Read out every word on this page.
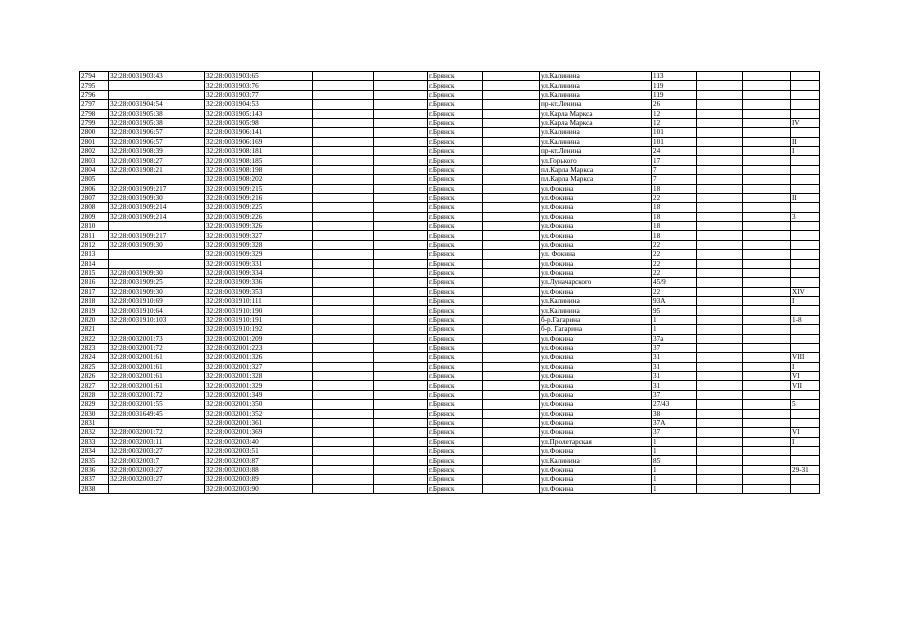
2794	32:28:0031903:43	32:28:0031903:65			г.Брянск		ул.Калинина	113			
2795		32:28:0031903:76			г.Брянск		ул.Калинина	119			
2796		32:28:0031903:77			г.Брянск		ул.Калинина	119			
2797	32:28:0031904:54	32:28:0031904:53			г.Брянск		пр-кт.Ленина	26			
2798	32:28:0031905:38	32:28:0031905:143			г.Брянск		ул.Карла Маркса	12			
2799	32:28:0031905:38	32:28:0031905:98			г.Брянск		ул.Карла Маркса	12			IV
2800	32:28:0031906:57	32:28:0031906:141			г.Брянск		ул.Калинина	101			
2801	32:28:0031906:57	32:28:0031906:169			г.Брянск		ул.Калинина	101			II
2802	32:28:0031908:39	32:28:0031908:181			г.Брянск		пр-кт.Ленина	24			I
2803	32:28:0031908:27	32:28:0031908:185			г.Брянск		ул.Горького	17			
2804	32:28:0031908:21	32:28:0031908:198			г.Брянск		пл.Карла Маркса	7			
2805		32:28:0031908:202			г.Брянск		пл.Карла Маркса	7			
2806	32:28:0031909:217	32:28:0031909:215			г.Брянск		ул.Фокина	18			
2807	32:28:0031909:30	32:28:0031909:216			г.Брянск		ул.Фокина	22			II
2808	32:28:0031909:214	32:28:0031909:225			г.Брянск		ул.Фокина	18			
2809	32:28:0031909:214	32:28:0031909:226			г.Брянск		ул.Фокина	18			3
2810		32:28:0031909:326			г.Брянск		ул.Фокина	18			
2811	32:28:0031909:217	32:28:0031909:327			г.Брянск		ул.Фокина	18			
2812	32:28:0031909:30	32:28:0031909:328			г.Брянск		ул.Фокина	22			
2813		32:28:0031909:329			г.Брянск		ул. Фокина	22			
2814		32:28:0031909:331			г.Брянск		ул.Фокина	22			
2815	32:28:0031909:30	32:28:0031909:334			г.Брянск		ул.Фокина	22			
2816	32:28:0031909:25	32:28:0031909:336			г.Брянск		ул.Луначарского	45/9			
2817	32:28:0031909:30	32:28:0031909:353			г.Брянск		ул.Фокина	22			XIV
2818	32:28:0031910:69	32:28:0031910:111			г.Брянск		ул.Калинина	93А			I
2819	32:28:0031910:64	32:28:0031910:190			г.Брянск		ул.Калинина	95			
2820	32:28:0031910:103	32:28:0031910:191			г.Брянск		б-р.Гагарина	1			1-8
2821		32:28:0031910:192			г.Брянск		б-р. Гагарина	1			
2822	32:28:0032001:73	32:28:0032001:209			г.Брянск		ул.Фокина	37а			
2823	32:28:0032001:72	32:28:0032001:223			г.Брянск		ул.Фокина	37			
2824	32:28:0032001:61	32:28:0032001:326			г.Брянск		ул.Фокина	31			VIII
2825	32:28:0032001:61	32:28:0032001:327			г.Брянск		ул.Фокина	31			I
2826	32:28:0032001:61	32:28:0032001:328			г.Брянск		ул.Фокина	31			VI
2827	32:28:0032001:61	32:28:0032001:329			г.Брянск		ул.Фокина	31			VII
2828	32:28:0032001:72	32:28:0032001:349			г.Брянск		ул.Фокина	37			
2829	32:28:0032001:55	32:28:0032001:350			г.Брянск		ул.Фокина	27/43			5
2830	32:28:0031649:45	32:28:0032001:352			г.Брянск		ул.Фокина	38			
2831		32:28:0032001:361			г.Брянск		ул.Фокина	37А			
2832	32:28:0032001:72	32:28:0032001:369			г.Брянск		ул.Фокина	37			VI
2833	32:28:0032003:11	32:28:0032003:40			г.Брянск		ул.Пролетарская	1			I
2834	32:28:0032003:27	32:28:0032003:51			г.Брянск		ул.Фокина	1			
2835	32:28:0032003:7	32:28:0032003:87			г.Брянск		ул.Калинина	85			
2836	32:28:0032003:27	32:28:0032003:88			г.Брянск		ул.Фокина	1			29-31
2837	32:28:0032003:27	32:28:0032003:89			г.Брянск		ул.Фокина	1			
2838		32:28:0032003:90			г.Брянск		ул.Фокина	1			
